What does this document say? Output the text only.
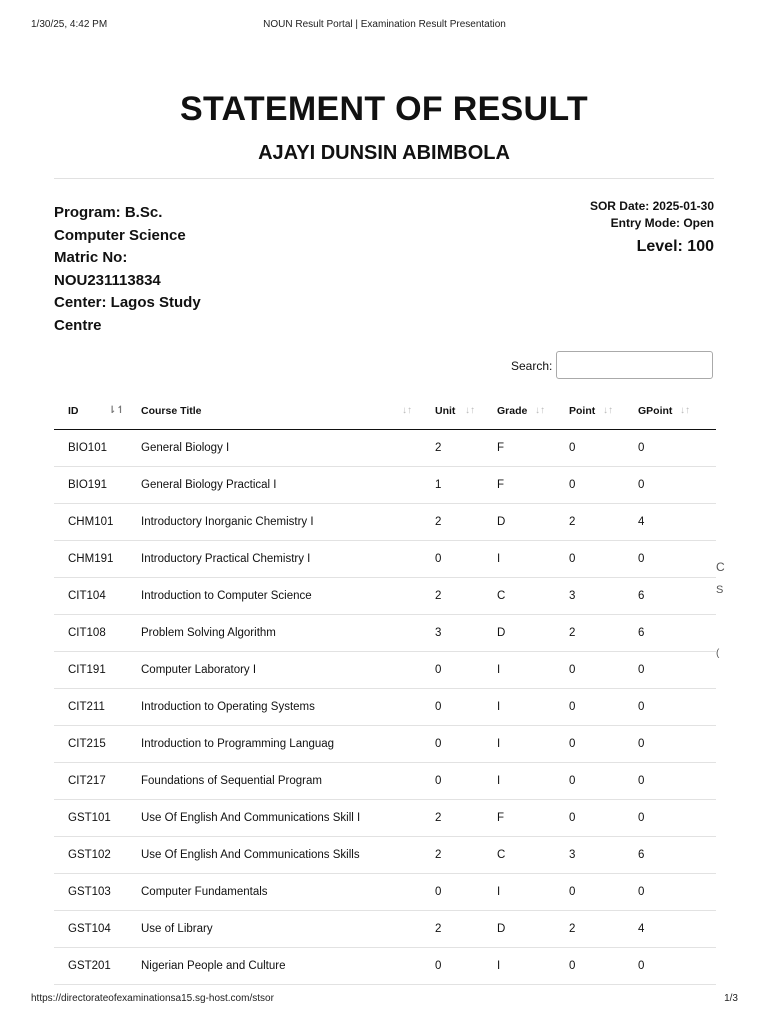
1/30/25, 4:42 PM	NOUN Result Portal | Examination Result Presentation
STATEMENT OF RESULT
AJAYI DUNSIN ABIMBOLA
Program: B.Sc.
Computer Science
Matric No:
NOU231113834
Center: Lagos Study
Centre
SOR Date: 2025-01-30
Entry Mode: Open
Level: 100
Search:
ID ⇂↿	Course Title ↓↑	Unit ↓↑	Grade ↓↑	Point ↓↑	GPoint ↓↑

BIO101	General Biology I	2	F	0	0
BIO191	General Biology Practical I	1	F	0	0
CHM101	Introductory Inorganic Chemistry I	2	D	2	4
CHM191	Introductory Practical Chemistry I	0	I	0	0
CIT104	Introduction to Computer Science	2	C	3	6
CIT108	Problem Solving Algorithm	3	D	2	6
CIT191	Computer Laboratory I	0	I	0	0
CIT211	Introduction to Operating Systems	0	I	0	0
CIT215	Introduction to Programming Languag	0	I	0	0
CIT217	Foundations of Sequential Program	0	I	0	0
GST101	Use Of English And Communications Skill I	2	F	0	0
GST102	Use Of English And Communications Skills	2	C	3	6
GST103	Computer Fundamentals	0	I	0	0
GST104	Use of Library	2	D	2	4
GST201	Nigerian People and Culture	0	I	0	0
C
S
(
https://directorateofexaminationsa15.sg-host.com/stsor	1/3
